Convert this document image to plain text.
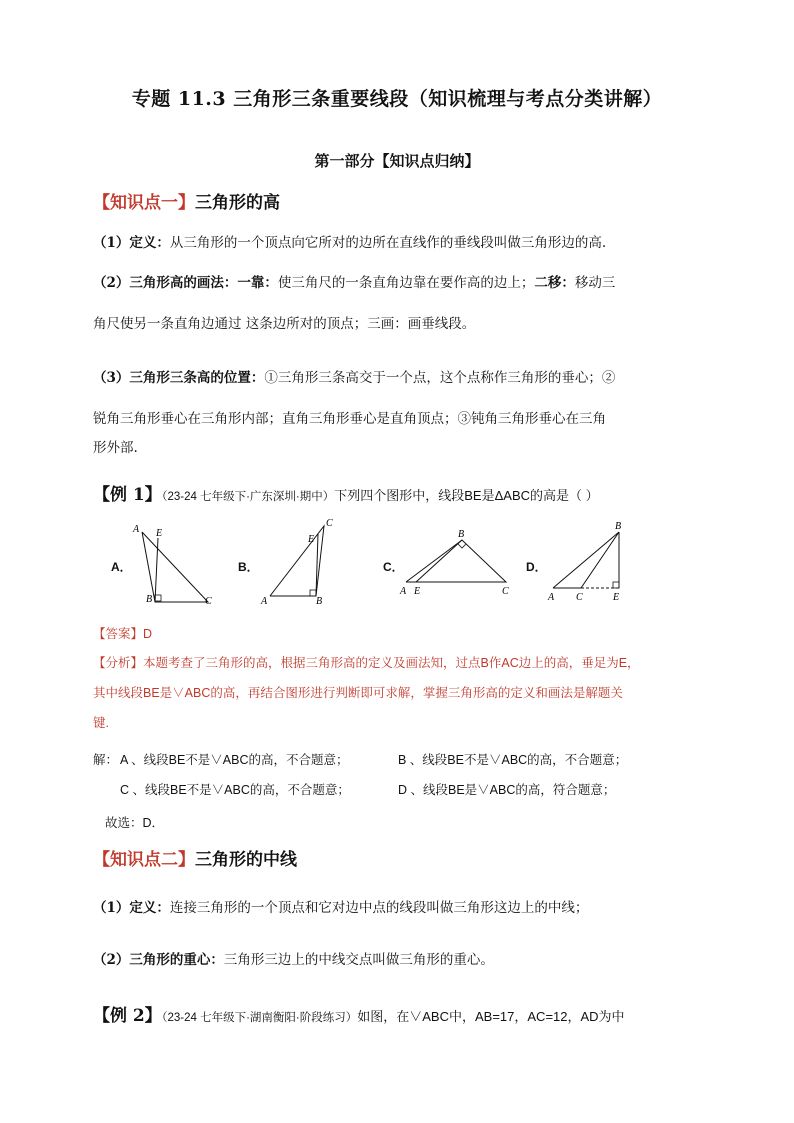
专题 11.3 三角形三条重要线段（知识梳理与考点分类讲解）
第一部分【知识点归纳】
【知识点一】三角形的高
（1）定义：从三角形的一个顶点向它所对的边所在直线作的垂线段叫做三角形边的高.
（2）三角形高的画法：一靠：使三角尺的一条直角边靠在要作高的边上；二移：移动三
角尺使另一条直角边通过 这条边所对的顶点；三画：画垂线段。
（3）三角形三条高的位置：①三角形三条高交于一个点，这个点称作三角形的垂心；②
锐角三角形垂心在三角形内部；直角三角形垂心是直角顶点；③钝角三角形垂心在三角
形外部.
【例 1】（23-24 七年级下·广东深圳·期中）下列四个图形中，线段BE是ΔABC的高是（ ）
A．
A E
B	C
B．
A
E
C
B
C．
B
A E	C
D．
B
A C	E
【答案】D
【分析】本题考查了三角形的高，根据三角形高的定义及画法知，过点B作AC边上的高，垂足为E，
其中线段BE是∨ABC的高，再结合图形进行判断即可求解，掌握三角形高的定义和画法是解题关
键.
解： A 、线段BE不是∨ABC的高，不合题意；	B 、线段BE不是∨ABC的高，不合题意；
C 、线段BE不是∨ABC的高，不合题意；	D 、线段BE是∨ABC的高，符合题意；
故选：D．
【知识点二】三角形的中线
（1）定义：连接三角形的一个顶点和它对边中点的线段叫做三角形这边上的中线；
（2）三角形的重心：三角形三边上的中线交点叫做三角形的重心。
【例 2】（23-24 七年级下·湖南衡阳·阶段练习）如图，在∨ABC中，AB=17，AC=12，AD为中
